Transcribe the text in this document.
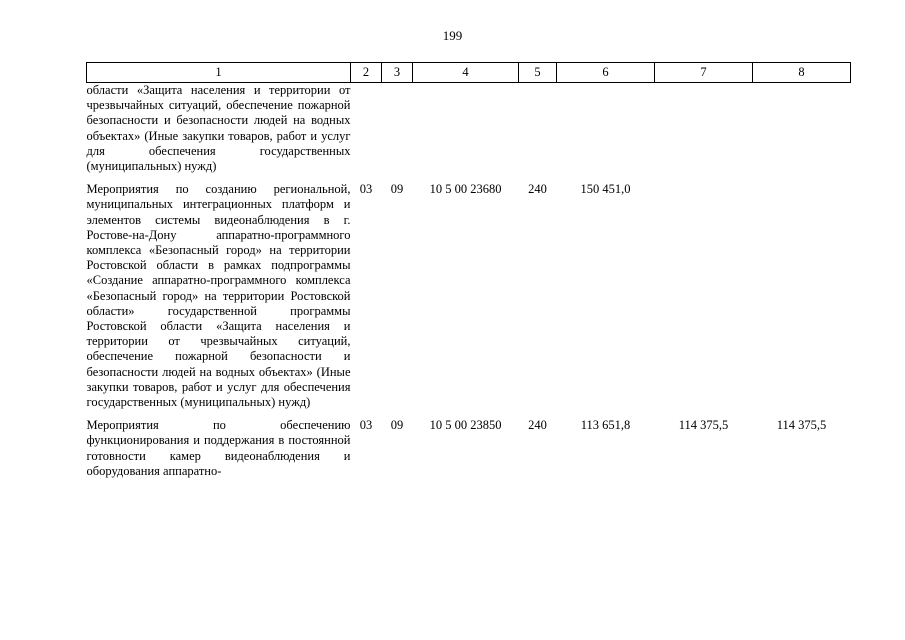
199
1	2	3	4	5	6	7	8
области «Защита населения и территории от чрезвычайных ситуаций, обеспечение пожарной безопасности и безопасности людей на водных объектах» (Иные закупки товаров, работ и услуг для обеспечения государственных (муниципальных) нужд)							

Мероприятия по созданию региональной, муниципальных интеграционных платформ и элементов системы видеонаблюдения в г. Ростове-на-Дону аппаратно-программного комплекса «Безопасный город» на территории Ростовской области в рамках подпрограммы «Создание аппаратно-программного комплекса «Безопасный город» на территории Ростовской области» государственной программы Ростовской области «Защита населения и территории от чрезвычайных ситуаций, обеспечение пожарной безопасности и безопасности людей на водных объектах» (Иные закупки товаров, работ и услуг для обеспечения государственных (муниципальных) нужд)	03	09	10 5 00 23680	240	150 451,0		

Мероприятия по обеспечению функционирования и поддержания в постоянной готовности камер видеонаблюдения и оборудования аппаратно-	03	09	10 5 00 23850	240	113 651,8	114 375,5	114 375,5
